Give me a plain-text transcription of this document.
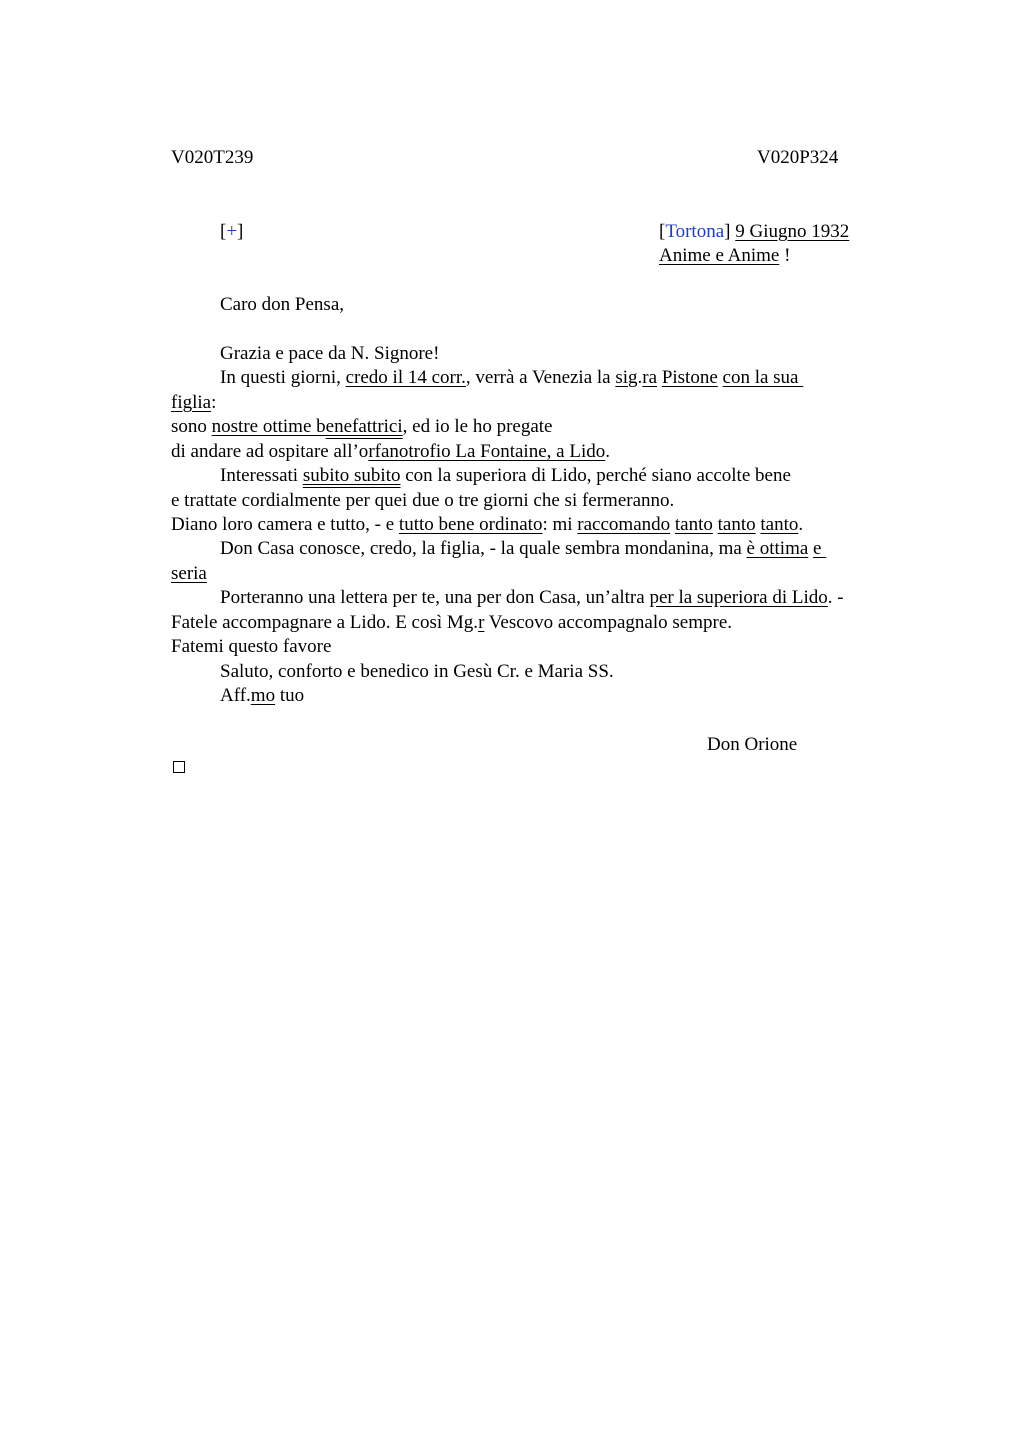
V020T239	V020P324
[+]	[Tortona] 9 Giugno 1932
Anime e Anime !
Caro don Pensa,
Grazia e pace da N. Signore!
In questi giorni, credo il 14 corr., verrà a Venezia la sig.ra Pistone con la sua
figlia:
sono nostre ottime benefattrici, ed io le ho pregate
di andare ad ospitare all’orfanotrofio La Fontaine, a Lido.
Interessati subito subito con la superiora di Lido, perché siano accolte bene
e trattate cordialmente per quei due o tre giorni che si fermeranno.
Diano loro camera e tutto, - e tutto bene ordinato: mi raccomando tanto tanto tanto.
Don Casa conosce, credo, la figlia, - la quale sembra mondanina, ma è ottima e
seria
Porteranno una lettera per te, una per don Casa, un’altra per la superiora di Lido. -
Fatele accompagnare a Lido. E così Mg.r Vescovo accompagnalo sempre.
Fatemi questo favore
Saluto, conforto e benedico in Gesù Cr. e Maria SS.
Aff.mo tuo
Don Orione
